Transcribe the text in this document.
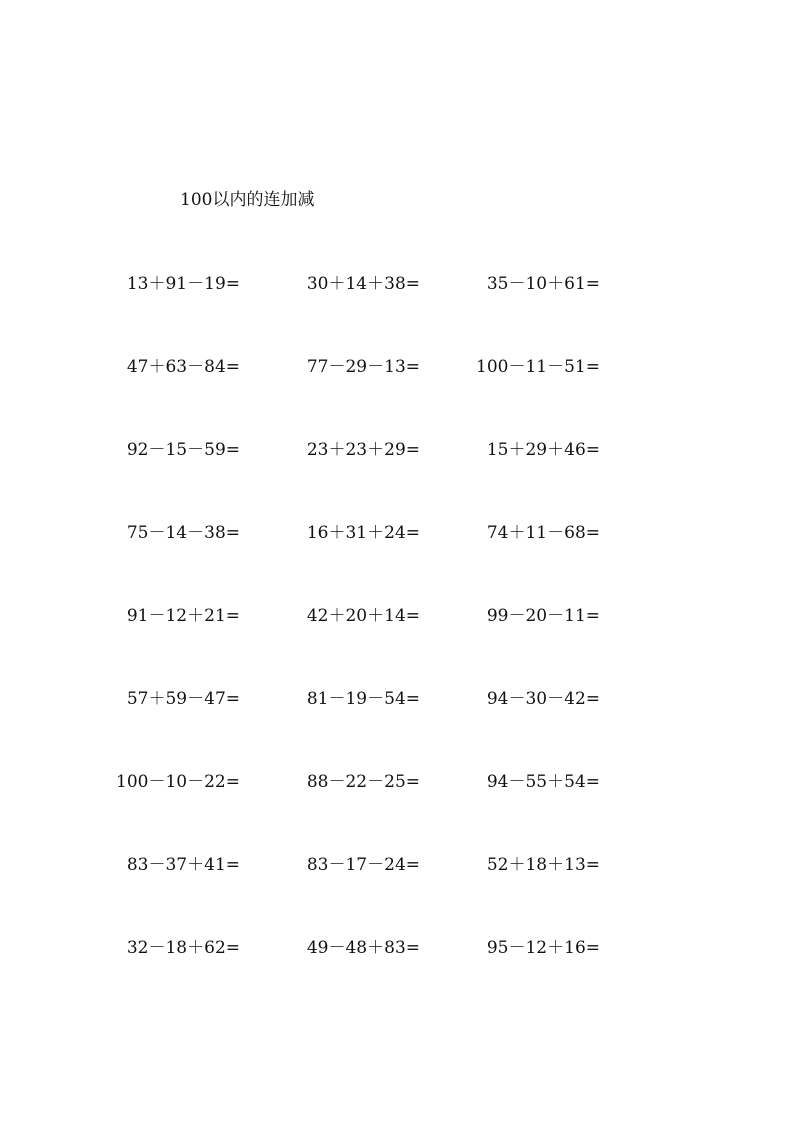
100以内的连加减
13＋91－19=	30＋14＋38=	35－10＋61=
47＋63－84=	77－29－13=	100－11－51=
92－15－59=	23＋23＋29=	15＋29＋46=
75－14－38=	16＋31＋24=	74＋11－68=
91－12＋21=	42＋20＋14=	99－20－11=
57＋59－47=	81－19－54=	94－30－42=
100－10－22=	88－22－25=	94－55＋54=
83－37＋41=	83－17－24=	52＋18＋13=
32－18＋62=	49－48＋83=	95－12＋16=
